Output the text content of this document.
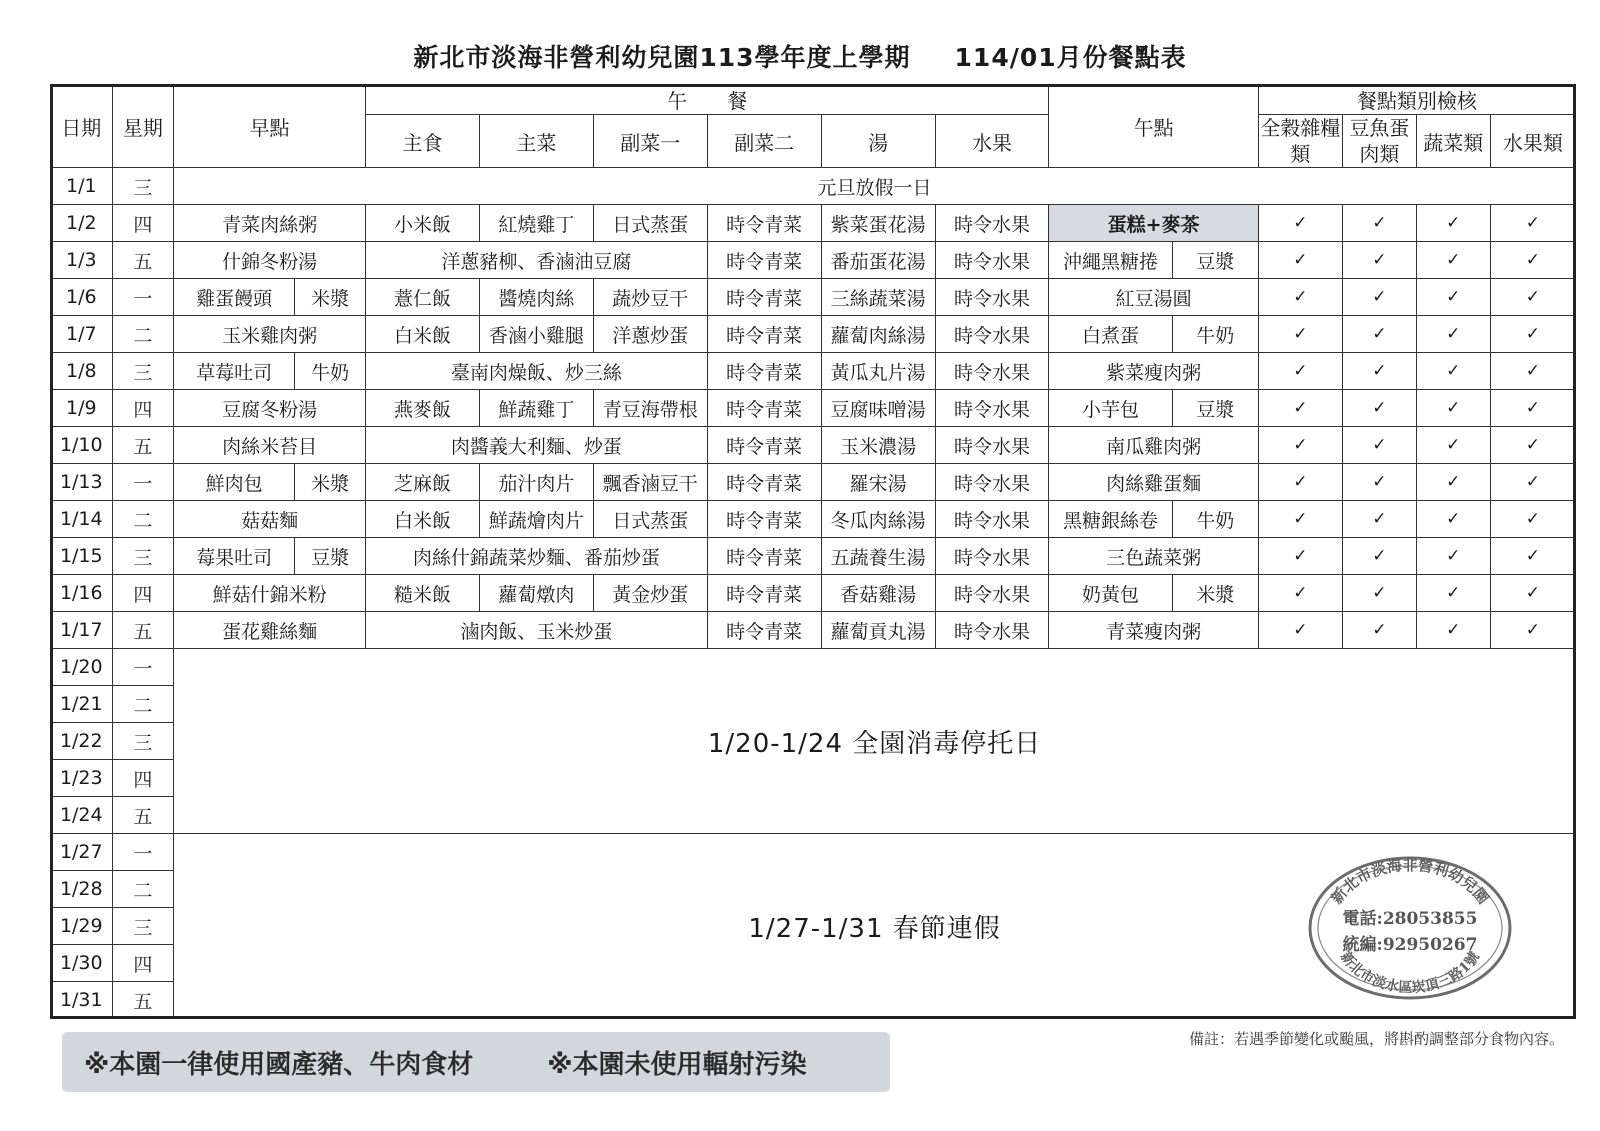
新北市淡海非營利幼兒園113學年度上學期 114/01月份餐點表
日期	星期	早點		午　　餐						午點		餐點類別檢核			
				主食	主菜	副菜一	副菜二	湯	水果			全穀雜糧類	豆魚蛋肉類	蔬菜類	水果類
1/1	三	元旦放假一日													
1/2	四	青菜肉絲粥		小米飯	紅燒雞丁	日式蒸蛋	時令青菜	紫菜蛋花湯	時令水果	蛋糕+麥茶		✓	✓	✓	✓
1/3	五	什錦冬粉湯		洋蔥豬柳、香滷油豆腐			時令青菜	番茄蛋花湯	時令水果	沖繩黑糖捲	豆漿	✓	✓	✓	✓
1/6	一	雞蛋饅頭	米漿	薏仁飯	醬燒肉絲	蔬炒豆干	時令青菜	三絲蔬菜湯	時令水果	紅豆湯圓		✓	✓	✓	✓
1/7	二	玉米雞肉粥		白米飯	香滷小雞腿	洋蔥炒蛋	時令青菜	蘿蔔肉絲湯	時令水果	白煮蛋	牛奶	✓	✓	✓	✓
1/8	三	草莓吐司	牛奶	臺南肉燥飯、炒三絲			時令青菜	黃瓜丸片湯	時令水果	紫菜瘦肉粥		✓	✓	✓	✓
1/9	四	豆腐冬粉湯		燕麥飯	鮮蔬雞丁	青豆海帶根	時令青菜	豆腐味噌湯	時令水果	小芋包	豆漿	✓	✓	✓	✓
1/10	五	肉絲米苔目		肉醬義大利麵、炒蛋			時令青菜	玉米濃湯	時令水果	南瓜雞肉粥		✓	✓	✓	✓
1/13	一	鮮肉包	米漿	芝麻飯	茄汁肉片	飄香滷豆干	時令青菜	羅宋湯	時令水果	肉絲雞蛋麵		✓	✓	✓	✓
1/14	二	菇菇麵		白米飯	鮮蔬燴肉片	日式蒸蛋	時令青菜	冬瓜肉絲湯	時令水果	黑糖銀絲卷	牛奶	✓	✓	✓	✓
1/15	三	莓果吐司	豆漿	肉絲什錦蔬菜炒麵、番茄炒蛋			時令青菜	五蔬養生湯	時令水果	三色蔬菜粥		✓	✓	✓	✓
1/16	四	鮮菇什錦米粉		糙米飯	蘿蔔燉肉	黃金炒蛋	時令青菜	香菇雞湯	時令水果	奶黃包	米漿	✓	✓	✓	✓
1/17	五	蛋花雞絲麵		滷肉飯、玉米炒蛋			時令青菜	蘿蔔貢丸湯	時令水果	青菜瘦肉粥		✓	✓	✓	✓
1/20	一	1/20-1/24 全園消毒停托日													
1/21	二														
1/22	三														
1/23	四														
1/24	五														
1/27	一	1/27-1/31 春節連假													
1/28	二														
1/29	三														
1/30	四														
1/31	五														
新北市淡海非營利幼兒園
新北市淡水區崁頂三路1號
電話:28053855
統編:92950267
備註：若遇季節變化或颱風，將斟酌調整部分食物內容。
※本園一律使用國產豬、牛肉食材	※本園未使用輻射污染
